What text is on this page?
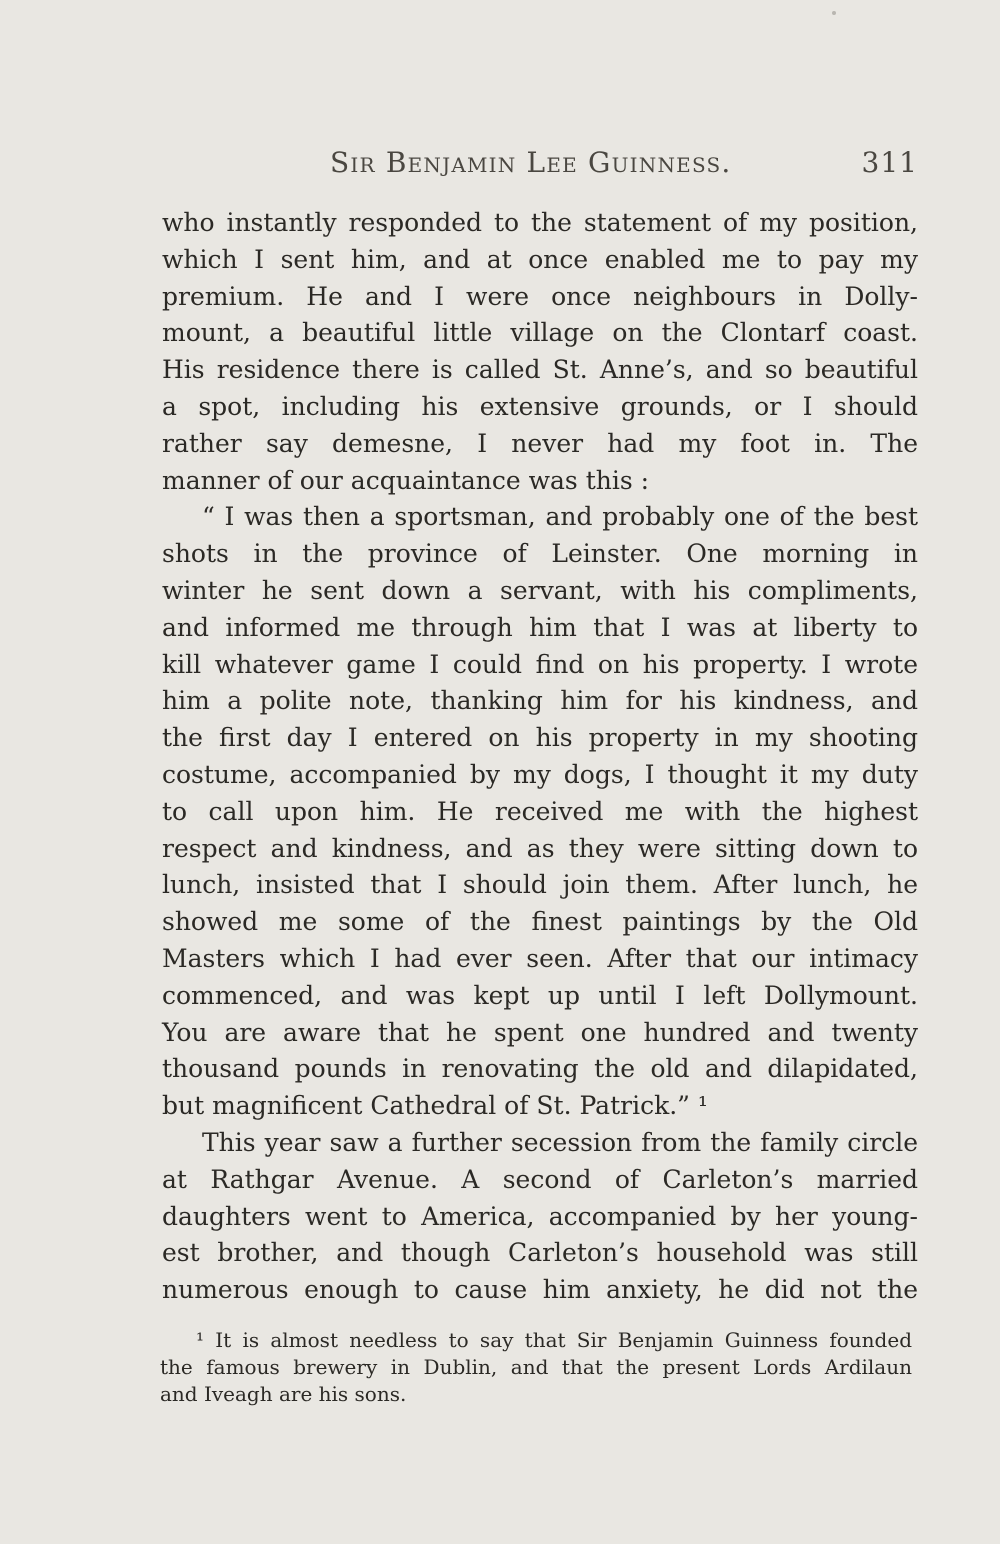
Sir Benjamin Lee Guinness.	311
who instantly responded to the statement of my position,
which I sent him, and at once enabled me to pay my
premium. He and I were once neighbours in Dolly-
mount, a beautiful little village on the Clontarf coast.
His residence there is called St. Anne’s, and so beautiful
a spot, including his extensive grounds, or I should
rather say demesne, I never had my foot in. The
manner of our acquaintance was this :
“ I was then a sportsman, and probably one of the best
shots in the province of Leinster. One morning in
winter he sent down a servant, with his compliments,
and informed me through him that I was at liberty to
kill whatever game I could find on his property. I wrote
him a polite note, thanking him for his kindness, and
the first day I entered on his property in my shooting
costume, accompanied by my dogs, I thought it my duty
to call upon him. He received me with the highest
respect and kindness, and as they were sitting down to
lunch, insisted that I should join them. After lunch, he
showed me some of the finest paintings by the Old
Masters which I had ever seen. After that our intimacy
commenced, and was kept up until I left Dollymount.
You are aware that he spent one hundred and twenty
thousand pounds in renovating the old and dilapidated,
but magnificent Cathedral of St. Patrick.” ¹
This year saw a further secession from the family circle
at Rathgar Avenue. A second of Carleton’s married
daughters went to America, accompanied by her young-
est brother, and though Carleton’s household was still
numerous enough to cause him anxiety, he did not the
¹ It is almost needless to say that Sir Benjamin Guinness founded
the famous brewery in Dublin, and that the present Lords Ardilaun
and Iveagh are his sons.
